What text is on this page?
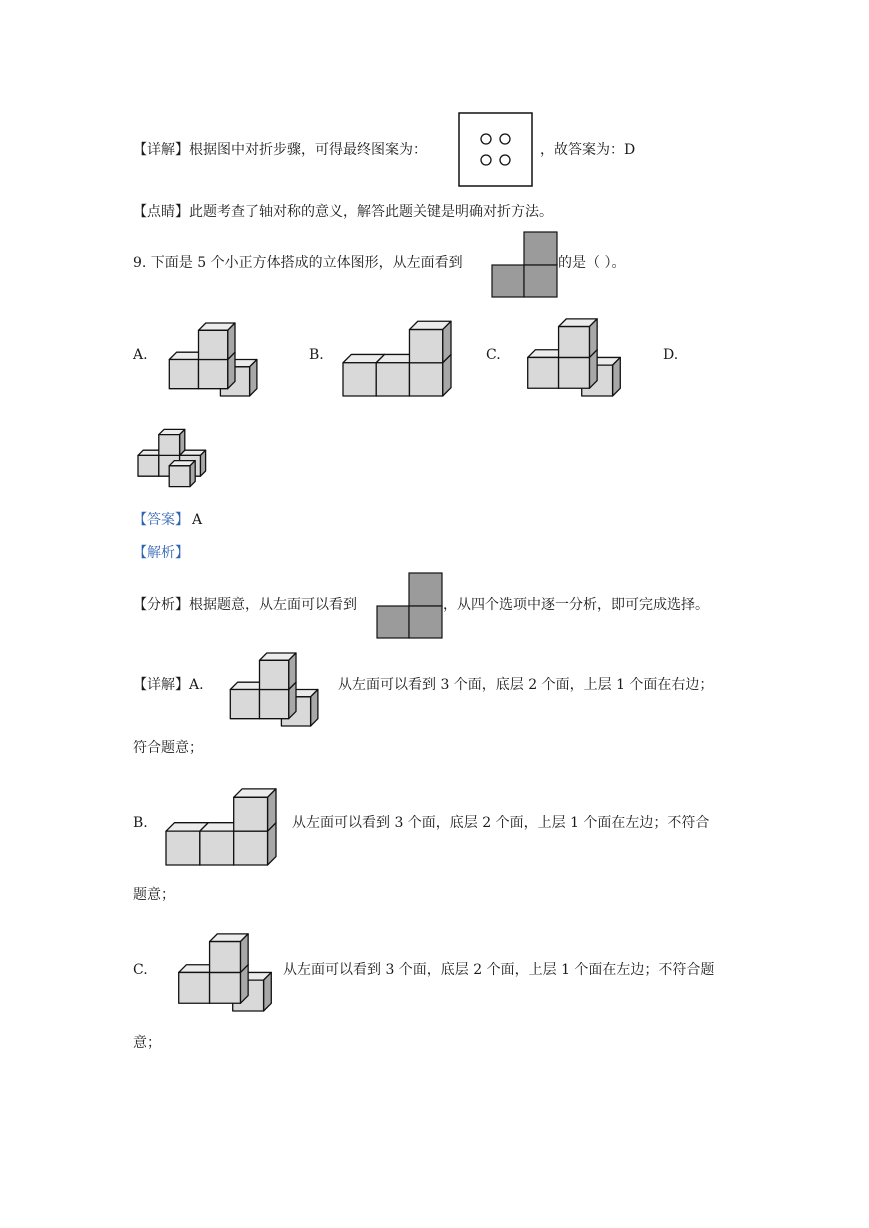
【详解】根据图中对折步骤，可得最终图案为：	，故答案为：D
【点睛】此题考查了轴对称的意义，解答此题关键是明确对折方法。
9. 下面是 5 个小正方体搭成的立体图形，从左面看到	的是（ ）。
A.	B.	C.	D.
【答案】 A
【解析】
【分析】根据题意，从左面可以看到	，从四个选项中逐一分析，即可完成选择。
【详解】A.	从左面可以看到 3 个面，底层 2 个面，上层 1 个面在右边；
符合题意；
B.	从左面可以看到 3 个面，底层 2 个面，上层 1 个面在左边；不符合
题意；
C.	从左面可以看到 3 个面，底层 2 个面，上层 1 个面在左边；不符合题
意；
